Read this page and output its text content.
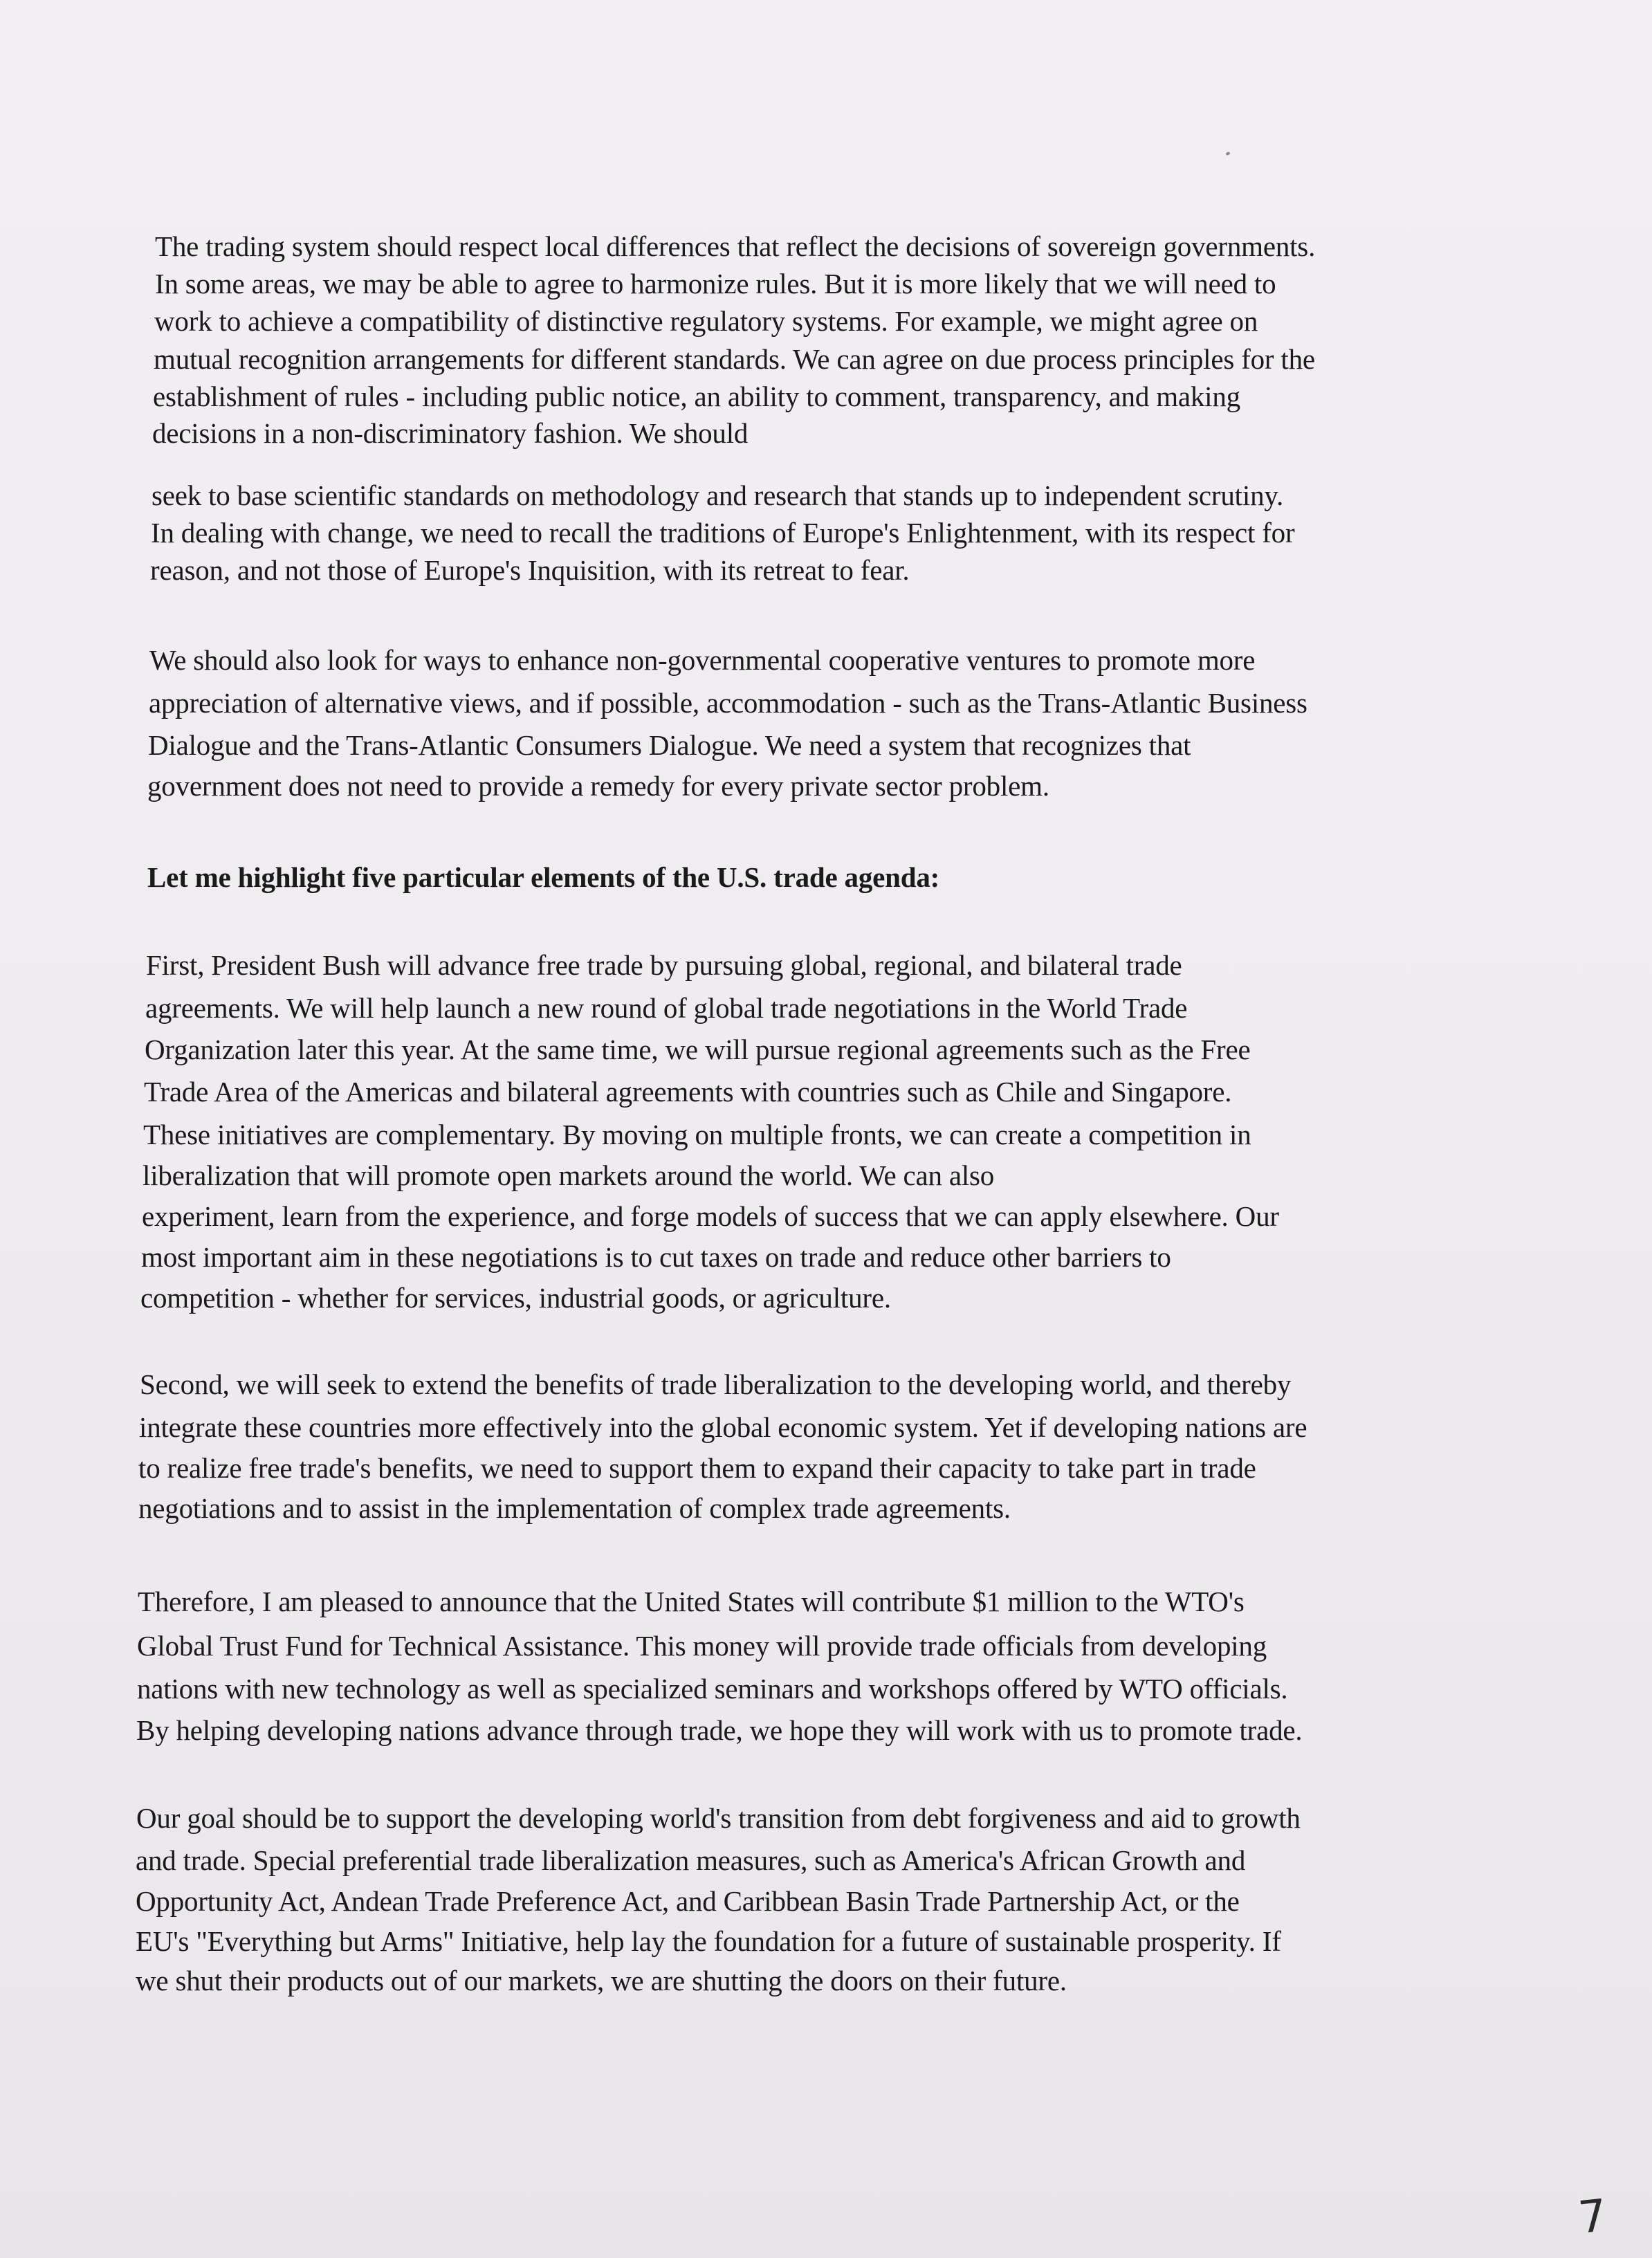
The trading system should respect local differences that reflect the decisions of sovereign governments.
In some areas, we may be able to agree to harmonize rules. But it is more likely that we will need to
work to achieve a compatibility of distinctive regulatory systems. For example, we might agree on
mutual recognition arrangements for different standards. We can agree on due process principles for the
establishment of rules - including public notice, an ability to comment, transparency, and making
decisions in a non-discriminatory fashion. We should
seek to base scientific standards on methodology and research that stands up to independent scrutiny.
In dealing with change, we need to recall the traditions of Europe's Enlightenment, with its respect for
reason, and not those of Europe's Inquisition, with its retreat to fear.
We should also look for ways to enhance non-governmental cooperative ventures to promote more
appreciation of alternative views, and if possible, accommodation - such as the Trans-Atlantic Business
Dialogue and the Trans-Atlantic Consumers Dialogue. We need a system that recognizes that
government does not need to provide a remedy for every private sector problem.
Let me highlight five particular elements of the U.S. trade agenda:
First, President Bush will advance free trade by pursuing global, regional, and bilateral trade
agreements. We will help launch a new round of global trade negotiations in the World Trade
Organization later this year. At the same time, we will pursue regional agreements such as the Free
Trade Area of the Americas and bilateral agreements with countries such as Chile and Singapore.
These initiatives are complementary. By moving on multiple fronts, we can create a competition in
liberalization that will promote open markets around the world. We can also
experiment, learn from the experience, and forge models of success that we can apply elsewhere. Our
most important aim in these negotiations is to cut taxes on trade and reduce other barriers to
competition - whether for services, industrial goods, or agriculture.
Second, we will seek to extend the benefits of trade liberalization to the developing world, and thereby
integrate these countries more effectively into the global economic system. Yet if developing nations are
to realize free trade's benefits, we need to support them to expand their capacity to take part in trade
negotiations and to assist in the implementation of complex trade agreements.
Therefore, I am pleased to announce that the United States will contribute $1 million to the WTO's
Global Trust Fund for Technical Assistance. This money will provide trade officials from developing
nations with new technology as well as specialized seminars and workshops offered by WTO officials.
By helping developing nations advance through trade, we hope they will work with us to promote trade.
Our goal should be to support the developing world's transition from debt forgiveness and aid to growth
and trade. Special preferential trade liberalization measures, such as America's African Growth and
Opportunity Act, Andean Trade Preference Act, and Caribbean Basin Trade Partnership Act, or the
EU's "Everything but Arms" Initiative, help lay the foundation for a future of sustainable prosperity. If
we shut their products out of our markets, we are shutting the doors on their future.
7
